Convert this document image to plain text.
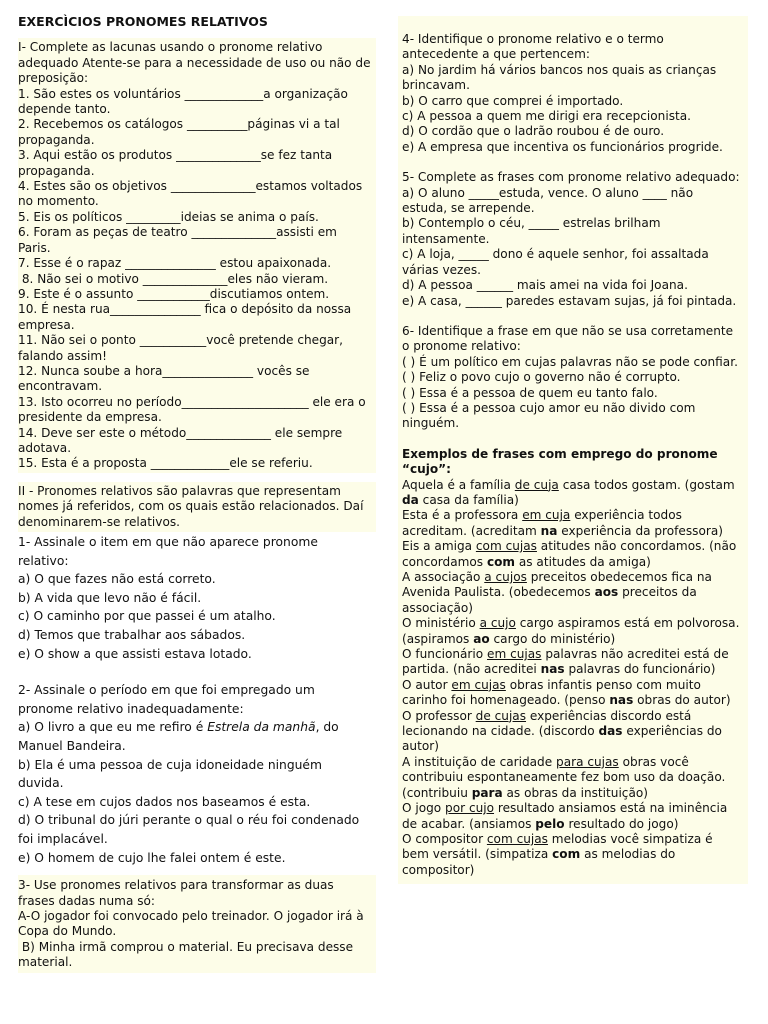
EXERCÌCIOS PRONOMES RELATIVOS

I- Complete as lacunas usando o pronome relativo adequado Atente-se para a necessidade de uso ou não de preposição:

1. São estes os voluntários _____________a organização depende tanto.

2. Recebemos os catálogos __________páginas vi a tal propaganda.

3. Aqui estão os produtos ______________se fez tanta propaganda.

4. Estes são os objetivos ______________estamos voltados no momento.

5. Eis os políticos _________ideias se anima o país.

6. Foram as peças de teatro ______________assisti em Paris.

7. Esse é o rapaz _______________ estou apaixonada.

8. Não sei o motivo ______________eles não vieram.

9. Este é o assunto ____________discutiamos ontem.

10. É nesta rua_______________ fica o depósito da nossa empresa.

11. Não sei o ponto ___________você pretende chegar, falando assim!

12. Nunca soube a hora_______________ vocês se encontravam.

13. Isto ocorreu no período_____________________ ele era o presidente da empresa.

14. Deve ser este o método______________ ele sempre adotava.

15. Esta é a proposta _____________ele se referiu.

II - Pronomes relativos são palavras que representam nomes já referidos, com os quais estão relacionados. Daí denominarem-se relativos.

1- Assinale o item em que não aparece pronome relativo:

a) O que fazes não está correto.

b) A vida que levo não é fácil.

c) O caminho por que passei é um atalho.

d) Temos que trabalhar aos sábados.

e) O show a que assisti estava lotado.

2- Assinale o período em que foi empregado um pronome relativo inadequadamente:

a) O livro a que eu me refiro é Estrela da manhã, do Manuel Bandeira.

b) Ela é uma pessoa de cuja idoneidade ninguém duvida.

c) A tese em cujos dados nos baseamos é esta.

d) O tribunal do júri perante o qual o réu foi condenado foi implacável.

e) O homem de cujo lhe falei ontem é este.

3- Use pronomes relativos para transformar as duas frases dadas numa só:

A-O jogador foi convocado pelo treinador. O jogador irá à Copa do Mundo.

B) Minha irmã comprou o material. Eu precisava desse material.

4- Identifique o pronome relativo e o termo antecedente a que pertencem:

a) No jardim há vários bancos nos quais as crianças brincavam.

b) O carro que comprei é importado.

c) A pessoa a quem me dirigi era recepcionista.

d) O cordão que o ladrão roubou é de ouro.

e) A empresa que incentiva os funcionários progride.

5- Complete as frases com pronome relativo adequado:

a) O aluno _____estuda, vence. O aluno ____ não estuda, se arrepende.

b) Contemplo o céu, _____ estrelas brilham intensamente.

c) A loja, _____ dono é aquele senhor, foi assaltada várias vezes.

d) A pessoa ______ mais amei na vida foi Joana.

e) A casa, ______ paredes estavam sujas, já foi pintada.

6- Identifique a frase em que não se usa corretamente o pronome relativo:

( ) É um político em cujas palavras não se pode confiar.

( ) Feliz o povo cujo o governo não é corrupto.

( ) Essa é a pessoa de quem eu tanto falo.

( ) Essa é a pessoa cujo amor eu não divido com ninguém.

Exemplos de frases com emprego do pronome “cujo”:

Aquela é a família de cuja casa todos gostam. (gostam da casa da família)

Esta é a professora em cuja experiência todos acreditam. (acreditam na experiência da professora)

Eis a amiga com cujas atitudes não concordamos. (não concordamos com as atitudes da amiga)

A associação a cujos preceitos obedecemos fica na Avenida Paulista. (obedecemos aos preceitos da associação)

O ministério a cujo cargo aspiramos está em polvorosa. (aspiramos ao cargo do ministério)

O funcionário em cujas palavras não acreditei está de partida. (não acreditei nas palavras do funcionário)

O autor em cujas obras infantis penso com muito carinho foi homenageado. (penso nas obras do autor)

O professor de cujas experiências discordo está lecionando na cidade. (discordo das experiências do autor)

A instituição de caridade para cujas obras você contribuiu espontaneamente fez bom uso da doação. (contribuiu para as obras da instituição)

O jogo por cujo resultado ansiamos está na iminência de acabar. (ansiamos pelo resultado do jogo)

O compositor com cujas melodias você simpatiza é bem versátil. (simpatiza com as melodias do compositor)
